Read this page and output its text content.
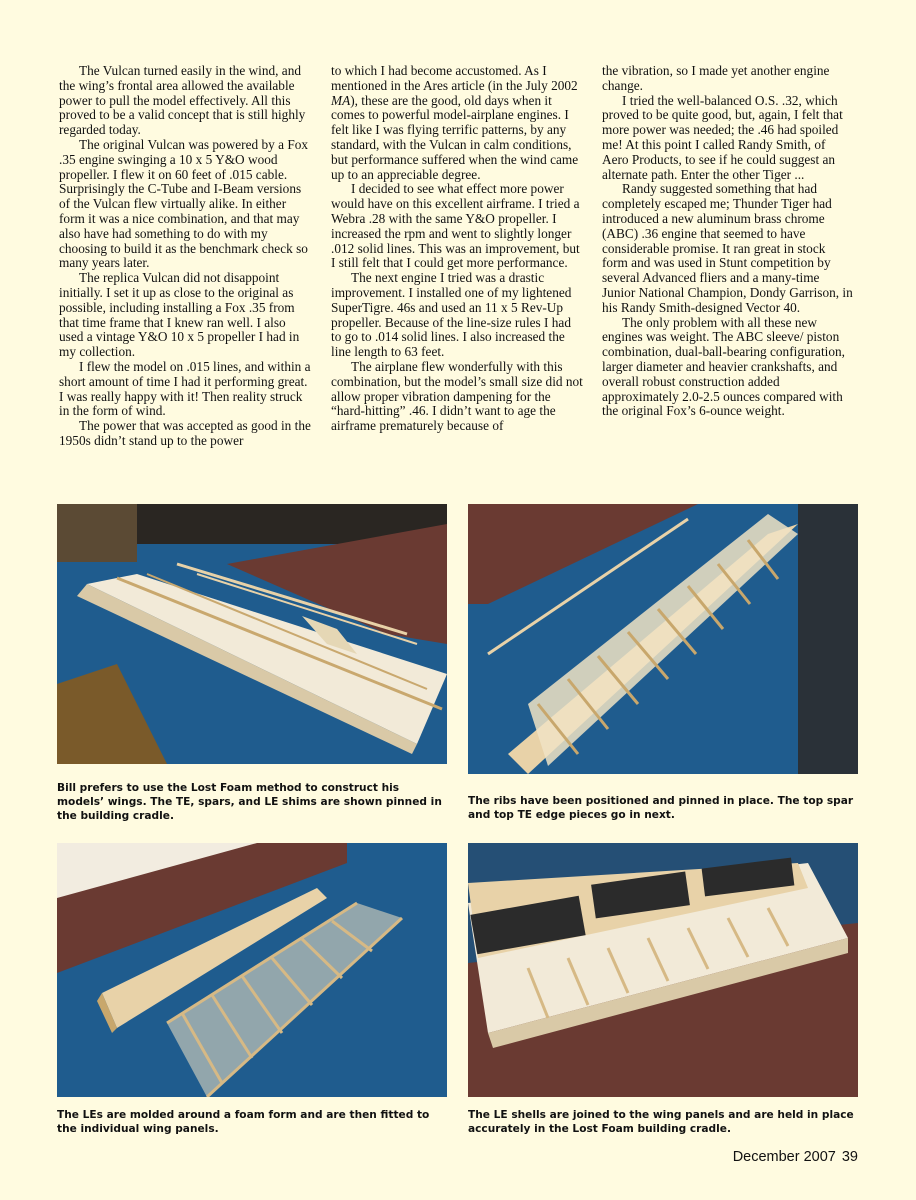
The Vulcan turned easily in the wind, and the wing’s frontal area allowed the available power to pull the model effectively. All this proved to be a valid concept that is still highly regarded today.

The original Vulcan was powered by a Fox .35 engine swinging a 10 x 5 Y&O wood propeller. I flew it on 60 feet of .015 cable. Surprisingly the C-Tube and I-Beam versions of the Vulcan flew virtually alike. In either form it was a nice combination, and that may also have had something to do with my choosing to build it as the benchmark check so many years later.

The replica Vulcan did not disappoint initially. I set it up as close to the original as possible, including installing a Fox .35 from that time frame that I knew ran well. I also used a vintage Y&O 10 x 5 propeller I had in my collection.

I flew the model on .015 lines, and within a short amount of time I had it performing great. I was really happy with it! Then reality struck in the form of wind.

The power that was accepted as good in the 1950s didn’t stand up to the power

to which I had become accustomed. As I mentioned in the Ares article (in the July 2002 MA), these are the good, old days when it comes to powerful model-airplane engines. I felt like I was flying terrific patterns, by any standard, with the Vulcan in calm conditions, but performance suffered when the wind came up to an appreciable degree.

I decided to see what effect more power would have on this excellent airframe. I tried a Webra .28 with the same Y&O propeller. I increased the rpm and went to slightly longer .012 solid lines. This was an improvement, but I still felt that I could get more performance.

The next engine I tried was a drastic improvement. I installed one of my lightened SuperTigre. 46s and used an 11 x 5 Rev-Up propeller. Because of the line-size rules I had to go to .014 solid lines. I also increased the line length to 63 feet.

The airplane flew wonderfully with this combination, but the model’s small size did not allow proper vibration dampening for the “hard-hitting” .46. I didn’t want to age the airframe prematurely because of

the vibration, so I made yet another engine change.

I tried the well-balanced O.S. .32, which proved to be quite good, but, again, I felt that more power was needed; the .46 had spoiled me! At this point I called Randy Smith, of Aero Products, to see if he could suggest an alternate path. Enter the other Tiger ...

Randy suggested something that had completely escaped me; Thunder Tiger had introduced a new aluminum brass chrome (ABC) .36 engine that seemed to have considerable promise. It ran great in stock form and was used in Stunt competition by several Advanced fliers and a many-time Junior National Champion, Dondy Garrison, in his Randy Smith-designed Vector 40.

The only problem with all these new engines was weight. The ABC sleeve/ piston combination, dual-ball-bearing configuration, larger diameter and heavier crankshafts, and overall robust construction added approximately 2.0-2.5 ounces compared with the original Fox’s 6-ounce weight.

Bill prefers to use the Lost Foam method to construct his models’ wings. The TE, spars, and LE shims are shown pinned in the building cradle.
The ribs have been positioned and pinned in place. The top spar and top TE edge pieces go in next.
The LEs are molded around a foam form and are then fitted to the individual wing panels.
The LE shells are joined to the wing panels and are held in place accurately in the Lost Foam building cradle.
December 2007 39
